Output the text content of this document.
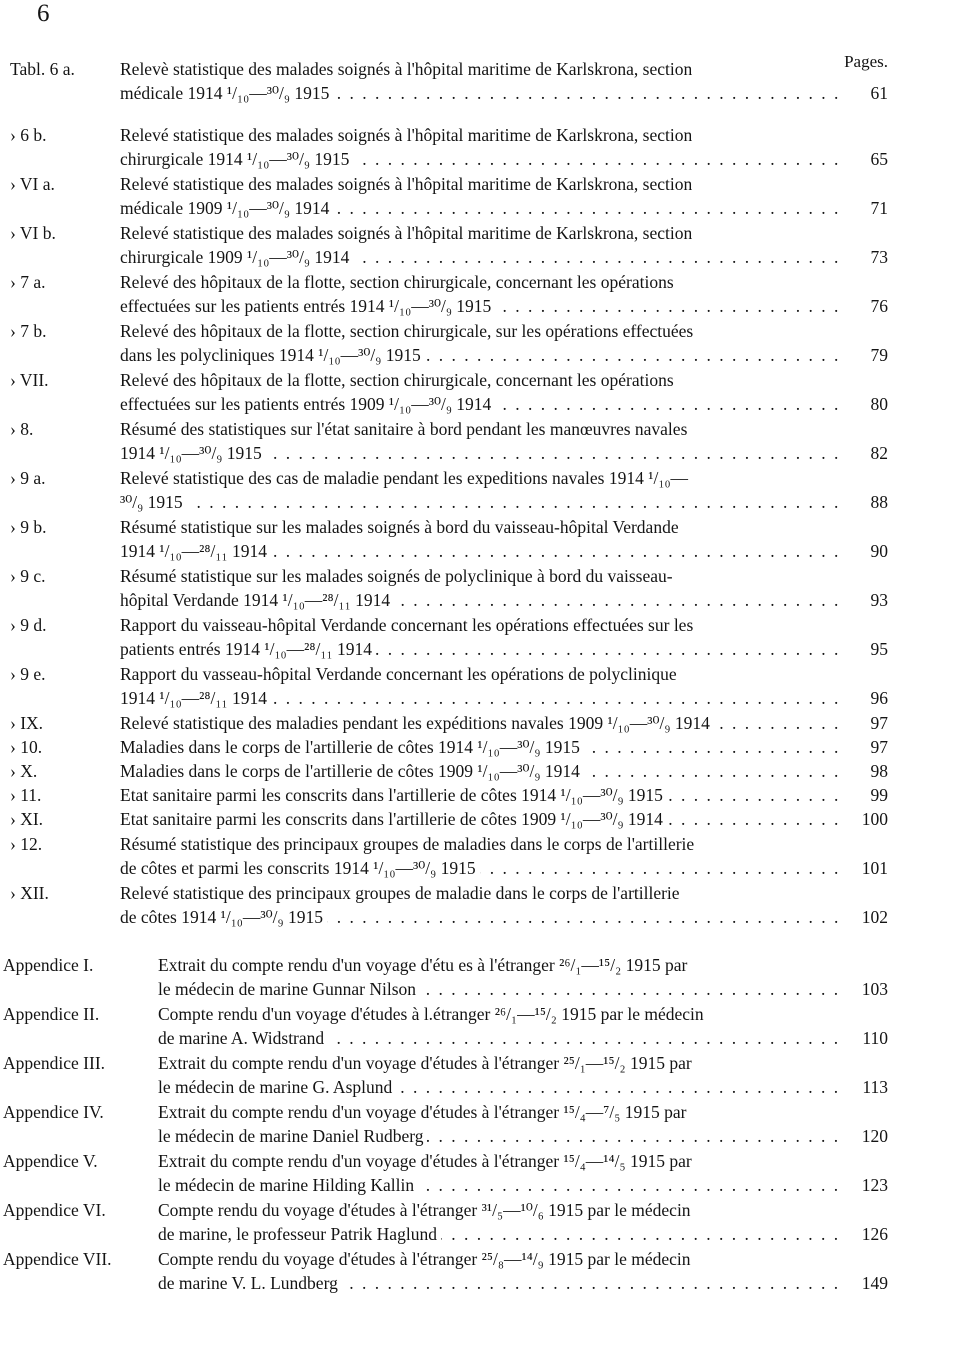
6
Pages.
Tabl. 6 a.	Relevè statistique des malades soignés à l'hôpital maritime de Karlskrona, section
médicale 1914 ¹/₁₀—³⁰/₉ 1915 . . .	61
› 6 b.	Relevé statistique des malades soignés à l'hôpital maritime de Karlskrona, section
chirurgicale 1914 ¹/₁₀—³⁰/₉ 1915 . . .	65
› VI a.	Relevé statistique des malades soignés à l'hôpital maritime de Karlskrona, section
médicale 1909 ¹/₁₀—³⁰/₉ 1914 . . .	71
› VI b.	Relevé statistique des malades soignés à l'hôpital maritime de Karlskrona, section
chirurgicale 1909 ¹/₁₀—³⁰/₉ 1914 . . .	73
› 7 a.	Relevé des hôpitaux de la flotte, section chirurgicale, concernant les opérations
effectuées sur les patients entrés 1914 ¹/₁₀—³⁰/₉ 1915 . . .	76
› 7 b.	Relevé des hôpitaux de la flotte, section chirurgicale, sur les opérations effectuées
dans les polycliniques 1914 ¹/₁₀—³⁰/₉ 1915 . . .	79
› VII.	Relevé des hôpitaux de la flotte, section chirurgicale, concernant les opérations
effectuées sur les patients entrés 1909 ¹/₁₀—³⁰/₉ 1914 . . .	80
› 8.	Résumé des statistiques sur l'état sanitaire à bord pendant les manœuvres navales
1914 ¹/₁₀—³⁰/₉ 1915 . . .	82
› 9 a.	Relevé statistique des cas de maladie pendant les expeditions navales 1914 ¹/₁₀—
³⁰/₉ 1915 . . .	88
› 9 b.	Résumé statistique sur les malades soignés à bord du vaisseau-hôpital Verdande
1914 ¹/₁₀—²⁸/₁₁ 1914 . . .	90
› 9 c.	Résumé statistique sur les malades soignés de polyclinique à bord du vaisseau-
hôpital Verdande 1914 ¹/₁₀—²⁸/₁₁ 1914 . . .	93
› 9 d.	Rapport du vaisseau-hôpital Verdande concernant les opérations effectuées sur les
patients entrés 1914 ¹/₁₀—²⁸/₁₁ 1914 . . .	95
› 9 e.	Rapport du vasseau-hôpital Verdande concernant les opérations de polyclinique
1914 ¹/₁₀—²⁸/₁₁ 1914 . . .	96
› IX.	Relevé statistique des maladies pendant les expéditions navales 1909 ¹/₁₀—³⁰/₉ 1914 . . .	97
› 10.	Maladies dans le corps de l'artillerie de côtes 1914 ¹/₁₀—³⁰/₉ 1915 . . .	97
› X.	Maladies dans le corps de l'artillerie de côtes 1909 ¹/₁₀—³⁰/₉ 1914 . . .	98
› 11.	Etat sanitaire parmi les conscrits dans l'artillerie de côtes 1914 ¹/₁₀—³⁰/₉ 1915 . . .	99
› XI.	Etat sanitaire parmi les conscrits dans l'artillerie de côtes 1909 ¹/₁₀—³⁰/₉ 1914 . . .	100
› 12.	Résumé statistique des principaux groupes de maladies dans le corps de l'artillerie
de côtes et parmi les conscrits 1914 ¹/₁₀—³⁰/₉ 1915 . . .	101
› XII.	Relevé statistique des principaux groupes de maladie dans le corps de l'artillerie
de côtes 1914 ¹/₁₀—³⁰/₉ 1915 . . .	102
Appendice I.	Extrait du compte rendu d'un voyage d'étu es à l'étranger ²⁶/₁—¹⁵/₂ 1915 par
le médecin de marine Gunnar Nilson . . .	103
Appendice II.	Compte rendu d'un voyage d'études à l.étranger ²⁶/₁—¹⁵/₂ 1915 par le médecin
de marine A. Widstrand . . .	110
Appendice III.	Extrait du compte rendu d'un voyage d'études à l'étranger ²⁵/₁—¹⁵/₂ 1915 par
le médecin de marine G. Asplund . . .	113
Appendice IV.	Extrait du compte rendu d'un voyage d'études à l'étranger ¹⁵/₄—⁷/₅ 1915 par
le médecin de marine Daniel Rudberg . . .	120
Appendice V.	Extrait du compte rendu d'un voyage d'études à l'étranger ¹⁵/₄—¹⁴/₅ 1915 par
le médecin de marine Hilding Kallin . . .	123
Appendice VI.	Compte rendu du voyage d'études à l'étranger ³¹/₅—¹⁰/₆ 1915 par le médecin
de marine, le professeur Patrik Haglund . . .	126
Appendice VII.	Compte rendu du voyage d'études à l'étranger ²⁵/₈—¹⁴/₉ 1915 par le médecin
de marine V. L. Lundberg . . .	149
